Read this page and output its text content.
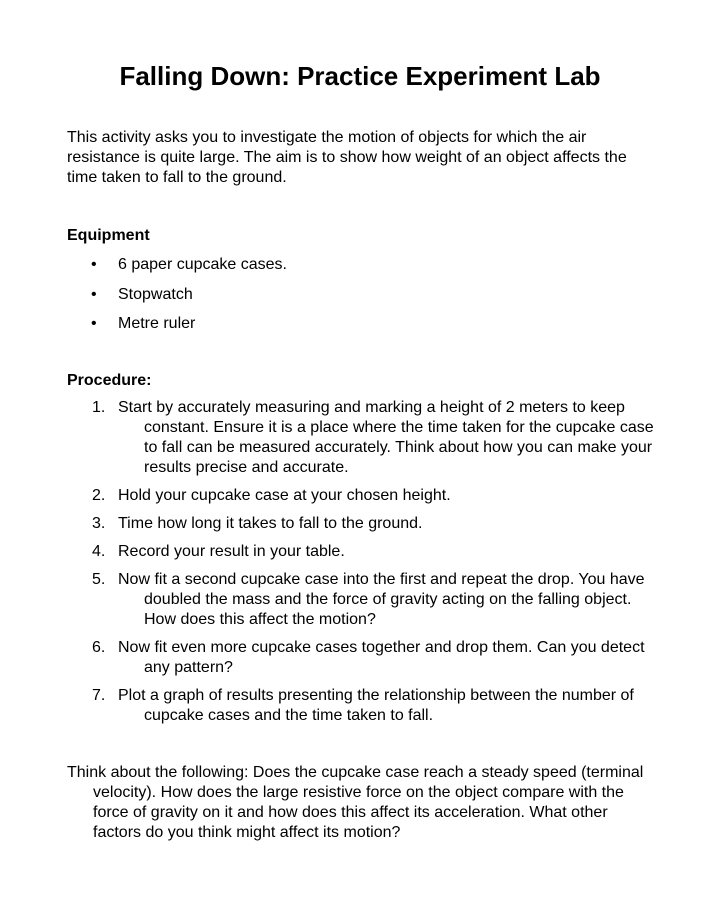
Falling Down: Practice Experiment Lab

This activity asks you to investigate the motion of objects for which the air resistance is quite large. The aim is to show how weight of an object affects the time taken to fall to the ground.

Equipment
• 6 paper cupcake cases.
• Stopwatch
• Metre ruler
Procedure:
1. Start by accurately measuring and marking a height of 2 meters to keep constant. Ensure it is a place where the time taken for the cupcake case to fall can be measured accurately. Think about how you can make your results precise and accurate.
2. Hold your cupcake case at your chosen height.
3. Time how long it takes to fall to the ground.
4. Record your result in your table.
5. Now fit a second cupcake case into the first and repeat the drop. You have doubled the mass and the force of gravity acting on the falling object. How does this affect the motion?
6. Now fit even more cupcake cases together and drop them. Can you detect any pattern?
7. Plot a graph of results presenting the relationship between the number of cupcake cases and the time taken to fall.

Think about the following: Does the cupcake case reach a steady speed (terminal velocity). How does the large resistive force on the object compare with the force of gravity on it and how does this affect its acceleration. What other factors do you think might affect its motion?
